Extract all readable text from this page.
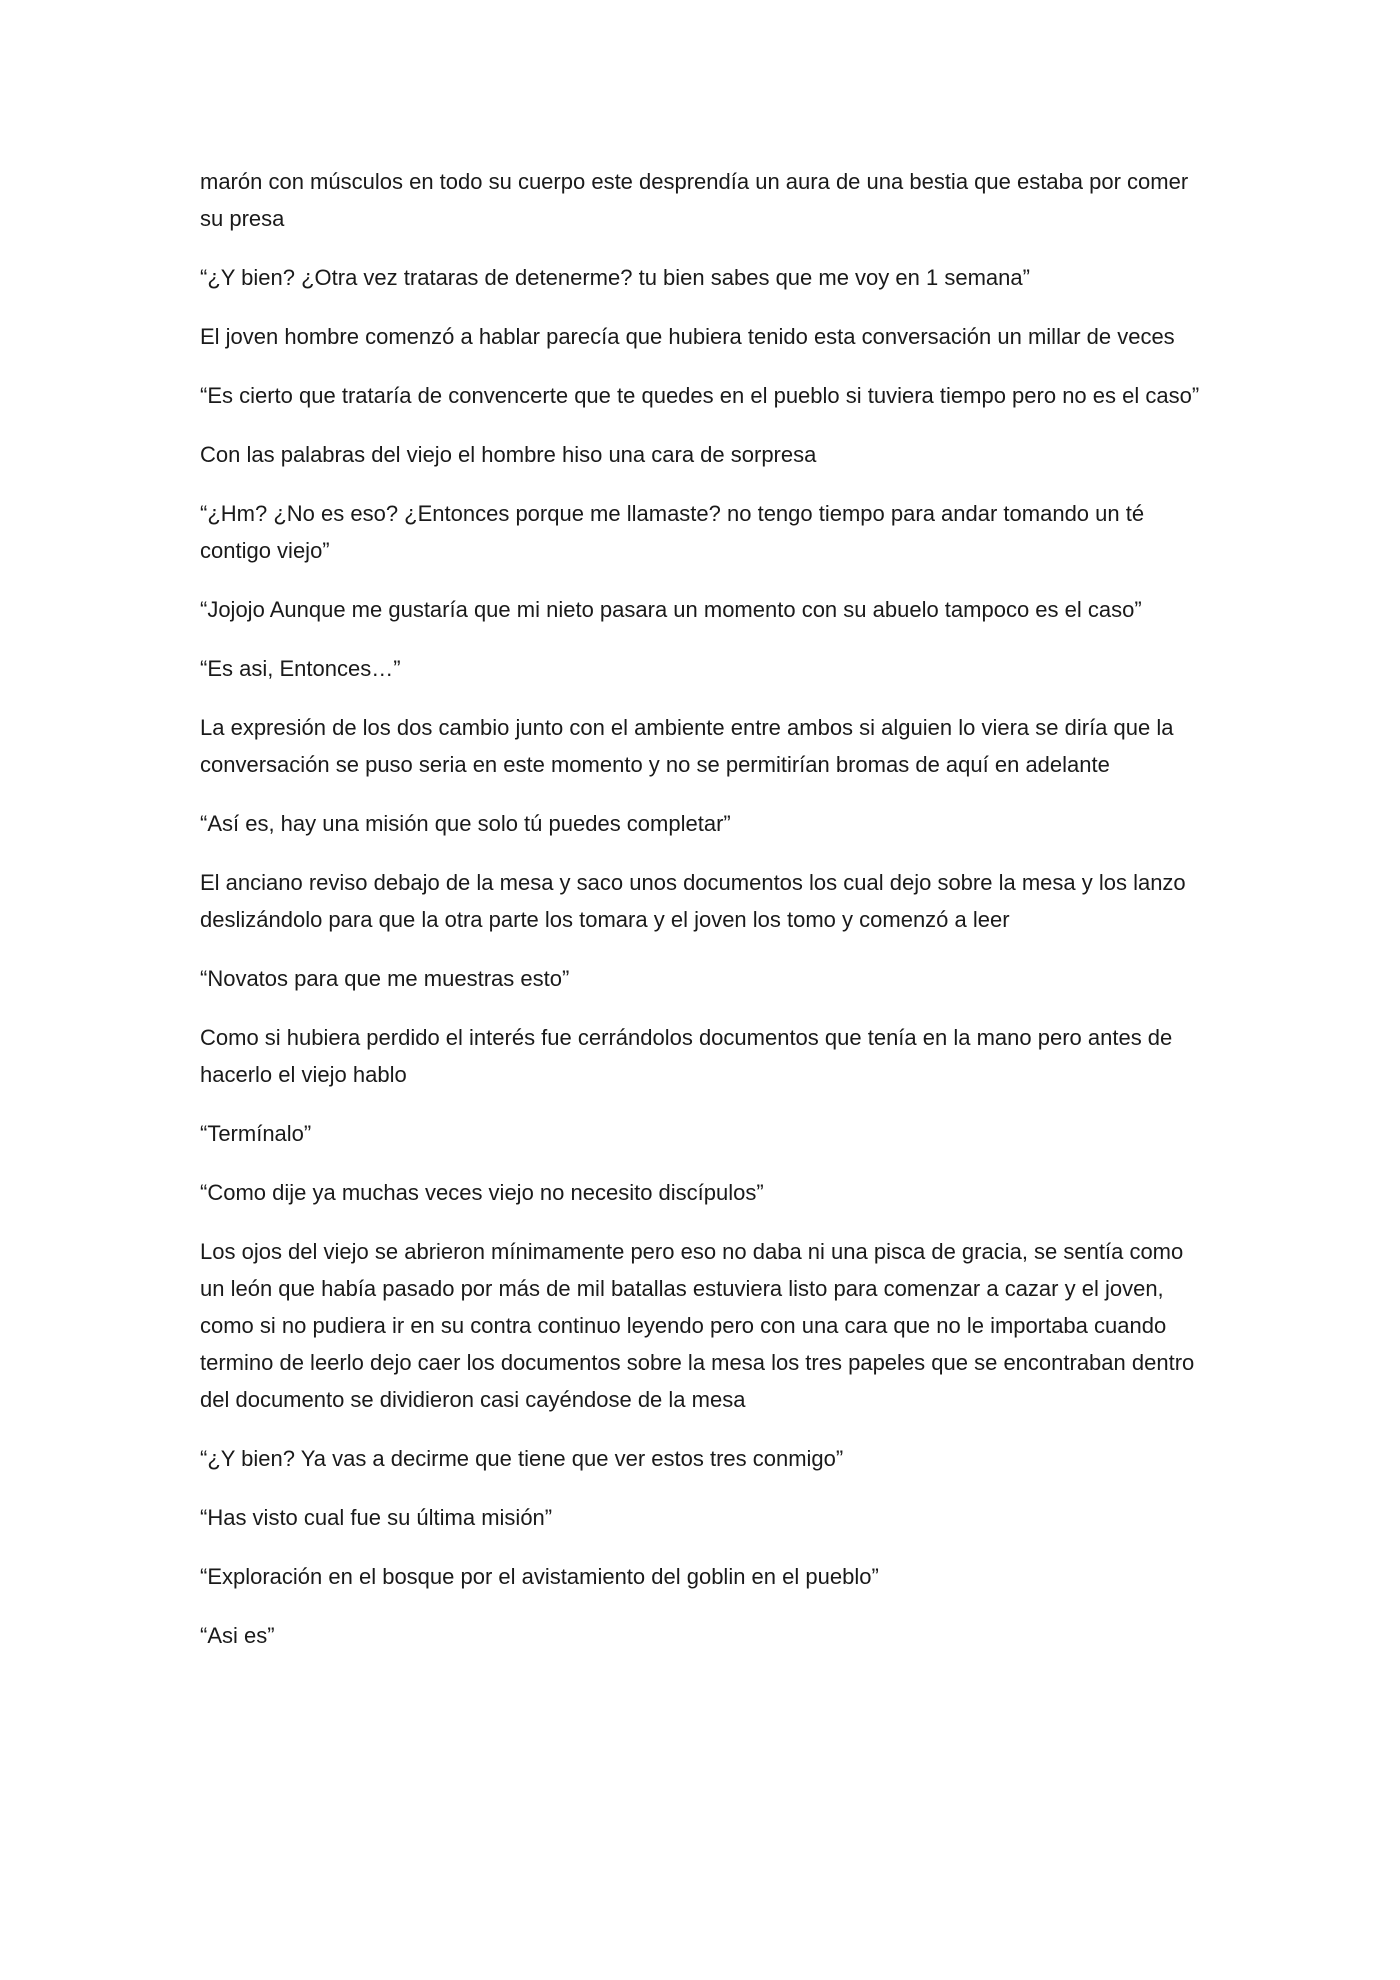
marón con músculos en todo su cuerpo este desprendía un aura de una bestia que estaba por comer su presa

“¿Y bien? ¿Otra vez trataras de detenerme? tu bien sabes que me voy en 1 semana”

El joven hombre comenzó a hablar parecía que hubiera tenido esta conversación un millar de veces

“Es cierto que trataría de convencerte que te quedes en el pueblo si tuviera tiempo pero no es el caso”

Con las palabras del viejo el hombre hiso una cara de sorpresa

“¿Hm? ¿No es eso? ¿Entonces porque me llamaste? no tengo tiempo para andar tomando un té contigo viejo”

“Jojojo Aunque me gustaría que mi nieto pasara un momento con su abuelo tampoco es el caso”

“Es asi, Entonces…”

La expresión de los dos cambio junto con el ambiente entre ambos si alguien lo viera se diría que la conversación se puso seria en este momento y no se permitirían bromas de aquí en adelante

“Así es, hay una misión que solo tú puedes completar”

El anciano reviso debajo de la mesa y saco unos documentos los cual dejo sobre la mesa y los lanzo deslizándolo para que la otra parte los tomara y el joven los tomo y comenzó a leer

“Novatos para que me muestras esto”

Como si hubiera perdido el interés fue cerrándolos documentos que tenía en la mano pero antes de hacerlo el viejo hablo

“Termínalo”

“Como dije ya muchas veces viejo no necesito discípulos”

Los ojos del viejo se abrieron mínimamente pero eso no daba ni una pisca de gracia, se sentía como un león que había pasado por más de mil batallas estuviera listo para comenzar a cazar y el joven, como si no pudiera ir en su contra continuo leyendo pero con una cara que no le importaba cuando termino de leerlo dejo caer los documentos sobre la mesa los tres papeles que se encontraban dentro del documento se dividieron casi cayéndose de la mesa

“¿Y bien? Ya vas a decirme que tiene que ver estos tres conmigo”

“Has visto cual fue su última misión”

“Exploración en el bosque por el avistamiento del goblin en el pueblo”

“Asi es”
